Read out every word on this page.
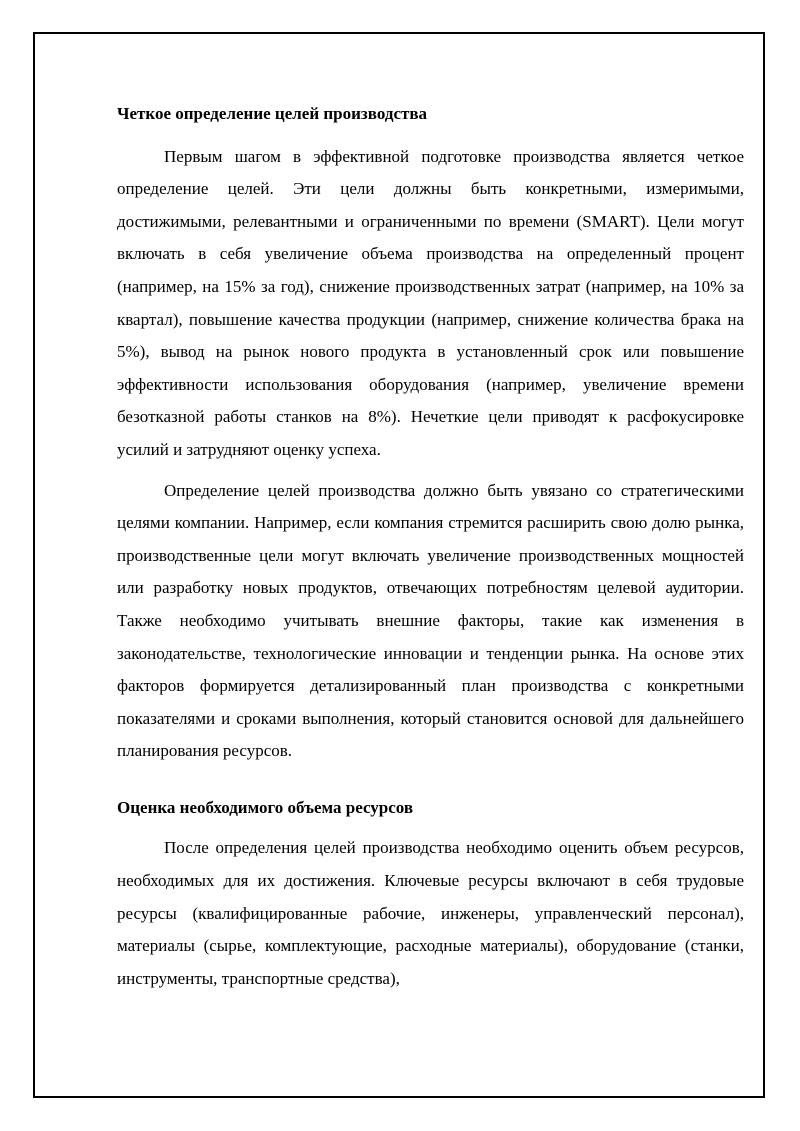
Четкое определение целей производства

Первым шагом в эффективной подготовке производства является четкое определение целей. Эти цели должны быть конкретными, измеримыми, достижимыми, релевантными и ограниченными по времени (SMART). Цели могут включать в себя увеличение объема производства на определенный процент (например, на 15% за год), снижение производственных затрат (например, на 10% за квартал), повышение качества продукции (например, снижение количества брака на 5%), вывод на рынок нового продукта в установленный срок или повышение эффективности использования оборудования (например, увеличение времени безотказной работы станков на 8%). Нечеткие цели приводят к расфокусировке усилий и затрудняют оценку успеха.

Определение целей производства должно быть увязано со стратегическими целями компании. Например, если компания стремится расширить свою долю рынка, производственные цели могут включать увеличение производственных мощностей или разработку новых продуктов, отвечающих потребностям целевой аудитории. Также необходимо учитывать внешние факторы, такие как изменения в законодательстве, технологические инновации и тенденции рынка. На основе этих факторов формируется детализированный план производства с конкретными показателями и сроками выполнения, который становится основой для дальнейшего планирования ресурсов.

Оценка необходимого объема ресурсов

После определения целей производства необходимо оценить объем ресурсов, необходимых для их достижения. Ключевые ресурсы включают в себя трудовые ресурсы (квалифицированные рабочие, инженеры, управленческий персонал), материалы (сырье, комплектующие, расходные материалы), оборудование (станки, инструменты, транспортные средства),
